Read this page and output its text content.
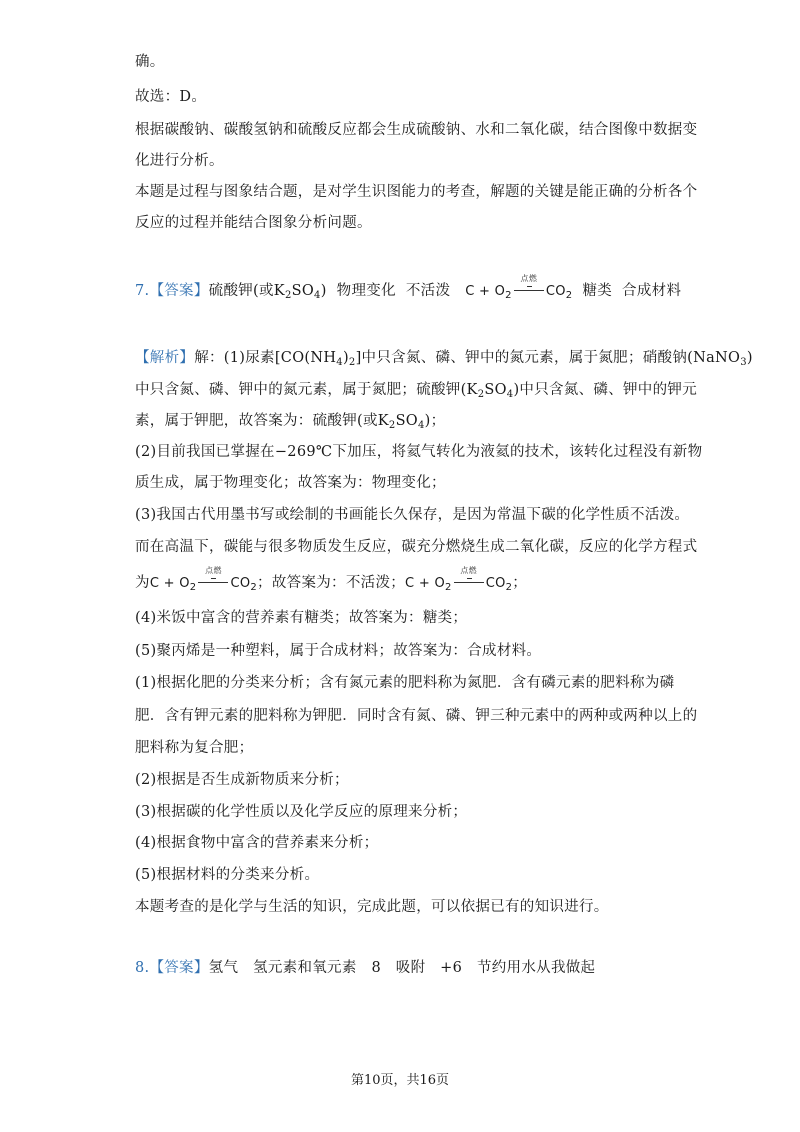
确。
故选：D。
根据碳酸钠、碳酸氢钠和硫酸反应都会生成硫酸钠、水和二氧化碳，结合图像中数据变
化进行分析。
本题是过程与图象结合题，是对学生识图能力的考查，解题的关键是能正确的分析各个
反应的过程并能结合图象分析问题。
7.【答案】硫酸钾(或$K_2SO_4$) 物理变化 不活泼 $C + O_2$
点燃
$CO_2$ 糖类 合成材料
【解析】解：(1)尿素$[CO(NH_4)_2]$中只含氮、磷、钾中的氮元素，属于氮肥；硝酸钠(NaNO$_3$)
中只含氮、磷、钾中的氮元素，属于氮肥；硫酸钾$(K_2SO_4)$中只含氮、磷、钾中的钾元
素，属于钾肥，故答案为：硫酸钾(或$K_2SO_4$)；
(2)目前我国已掌握在−269℃下加压，将氦气转化为液氦的技术，该转化过程没有新物
质生成，属于物理变化；故答案为：物理变化；
(3)我国古代用墨书写或绘制的书画能长久保存，是因为常温下碳的化学性质不活泼。
而在高温下，碳能与很多物质发生反应，碳充分燃烧生成二氧化碳，反应的化学方程式
为$C + O_2$
点燃
$CO_2$；故答案为：不活泼；$C + O_2$
点燃
$CO_2$；
(4)米饭中富含的营养素有糖类；故答案为：糖类；
(5)聚丙烯是一种塑料，属于合成材料；故答案为：合成材料。
(1)根据化肥的分类来分析；含有氮元素的肥料称为氮肥．含有磷元素的肥料称为磷
肥．含有钾元素的肥料称为钾肥．同时含有氮、磷、钾三种元素中的两种或两种以上的
肥料称为复合肥；
(2)根据是否生成新物质来分析；
(3)根据碳的化学性质以及化学反应的原理来分析；
(4)根据食物中富含的营养素来分析；
(5)根据材料的分类来分析。
本题考查的是化学与生活的知识，完成此题，可以依据已有的知识进行。
8.【答案】氢气　氢元素和氧元素　8　吸附　+6　节约用水从我做起
第10页，共16页
